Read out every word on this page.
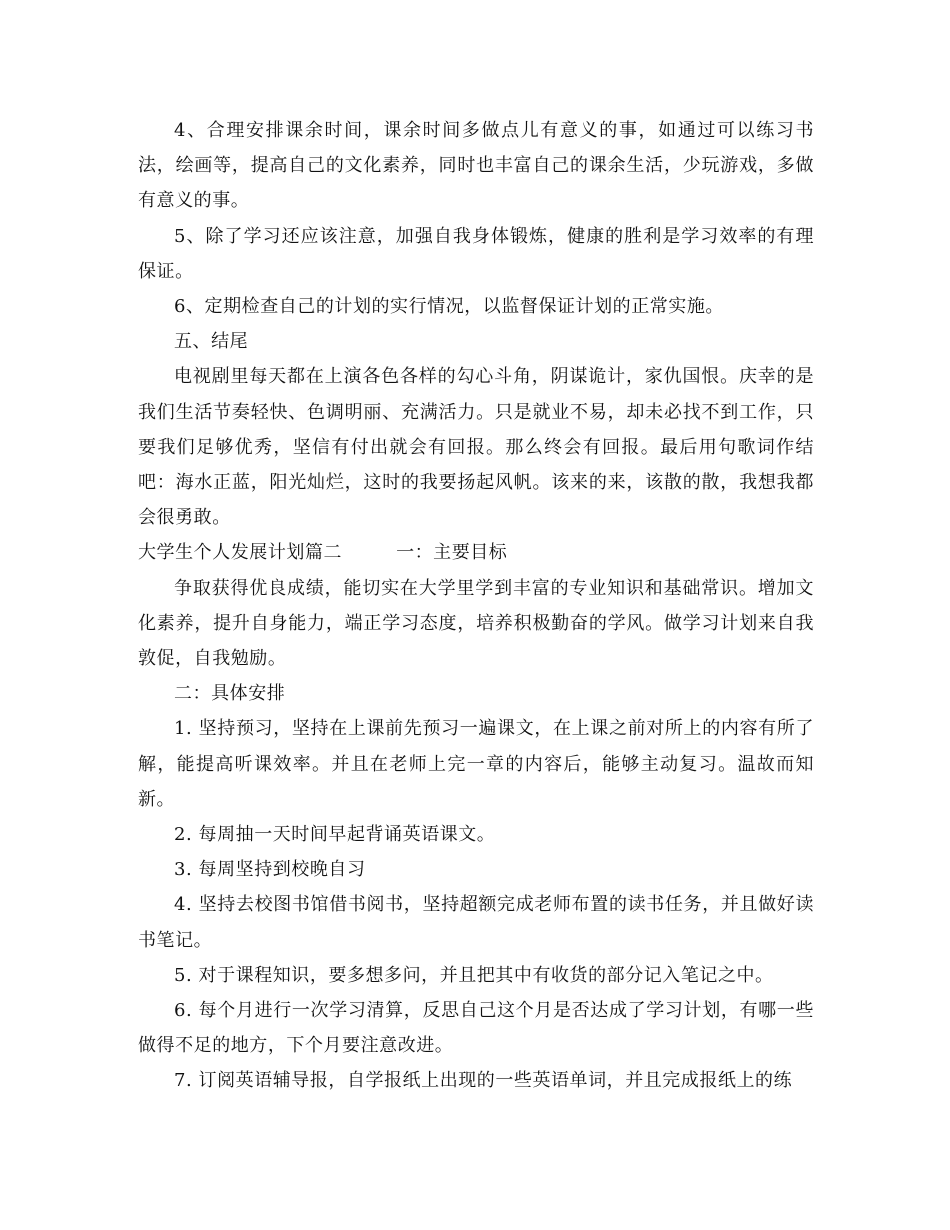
4、合理安排课余时间，课余时间多做点儿有意义的事，如通过可以练习书法，绘画等，提高自己的文化素养，同时也丰富自己的课余生活，少玩游戏，多做有意义的事。

5、除了学习还应该注意，加强自我身体锻炼，健康的胜利是学习效率的有理保证。

6、定期检查自己的计划的实行情况，以监督保证计划的正常实施。

五、结尾

电视剧里每天都在上演各色各样的勾心斗角，阴谋诡计，家仇国恨。庆幸的是我们生活节奏轻快、色调明丽、充满活力。只是就业不易，却未必找不到工作，只要我们足够优秀，坚信有付出就会有回报。那么终会有回报。最后用句歌词作结吧：海水正蓝，阳光灿烂，这时的我要扬起风帆。该来的来，该散的散，我想我都会很勇敢。

大学生个人发展计划篇二	一：主要目标

争取获得优良成绩，能切实在大学里学到丰富的专业知识和基础常识。增加文化素养，提升自身能力，端正学习态度，培养积极勤奋的学风。做学习计划来自我敦促，自我勉励。

二：具体安排

1. 坚持预习，坚持在上课前先预习一遍课文，在上课之前对所上的内容有所了解，能提高听课效率。并且在老师上完一章的内容后，能够主动复习。温故而知新。

2. 每周抽一天时间早起背诵英语课文。

3. 每周坚持到校晚自习

4. 坚持去校图书馆借书阅书，坚持超额完成老师布置的读书任务，并且做好读书笔记。

5. 对于课程知识，要多想多问，并且把其中有收货的部分记入笔记之中。

6. 每个月进行一次学习清算，反思自己这个月是否达成了学习计划，有哪一些做得不足的地方，下个月要注意改进。

7. 订阅英语辅导报，自学报纸上出现的一些英语单词，并且完成报纸上的练
